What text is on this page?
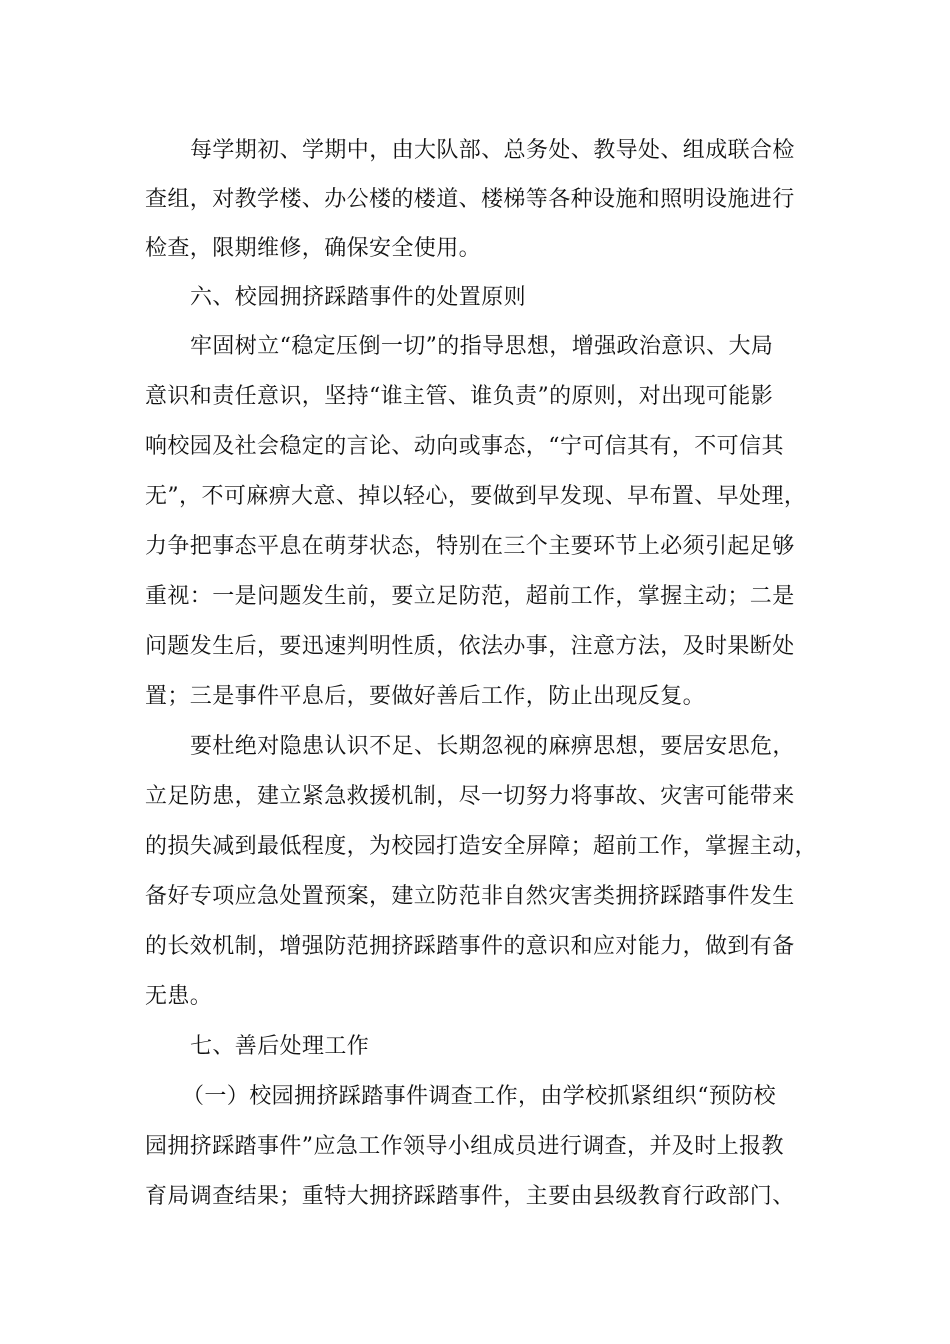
每学期初、学期中，由大队部、总务处、教导处、组成联合检
查组，对教学楼、办公楼的楼道、楼梯等各种设施和照明设施进行
检查，限期维修，确保安全使用。
六、校园拥挤踩踏事件的处置原则
牢固树立“稳定压倒一切”的指导思想，增强政治意识、大局
意识和责任意识，坚持“谁主管、谁负责”的原则，对出现可能影
响校园及社会稳定的言论、动向或事态，“宁可信其有，不可信其
无”，不可麻痹大意、掉以轻心，要做到早发现、早布置、早处理，
力争把事态平息在萌芽状态，特别在三个主要环节上必须引起足够
重视：一是问题发生前，要立足防范，超前工作，掌握主动；二是
问题发生后，要迅速判明性质，依法办事，注意方法，及时果断处
置；三是事件平息后，要做好善后工作，防止出现反复。
要杜绝对隐患认识不足、长期忽视的麻痹思想，要居安思危，
立足防患，建立紧急救援机制，尽一切努力将事故、灾害可能带来
的损失减到最低程度，为校园打造安全屏障；超前工作，掌握主动，
备好专项应急处置预案，建立防范非自然灾害类拥挤踩踏事件发生
的长效机制，增强防范拥挤踩踏事件的意识和应对能力，做到有备
无患。
七、善后处理工作
（一）校园拥挤踩踏事件调查工作，由学校抓紧组织“预防校
园拥挤踩踏事件”应急工作领导小组成员进行调查，并及时上报教
育局调查结果；重特大拥挤踩踏事件，主要由县级教育行政部门、
